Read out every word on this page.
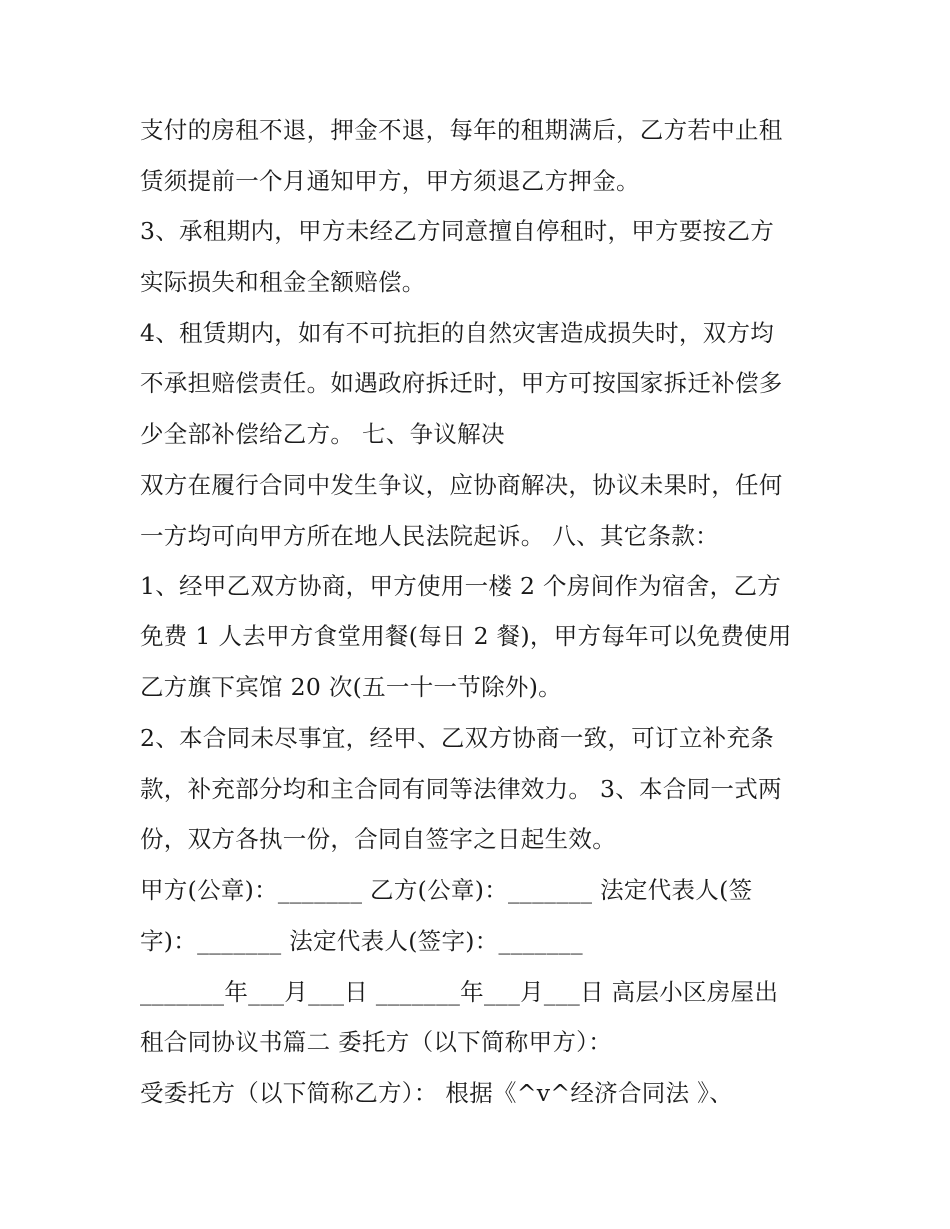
支付的房租不退，押金不退，每年的租期满后，乙方若中止租
赁须提前一个月通知甲方，甲方须退乙方押金。
3、承租期内，甲方未经乙方同意擅自停租时，甲方要按乙方
实际损失和租金全额赔偿。
4、租赁期内，如有不可抗拒的自然灾害造成损失时，双方均
不承担赔偿责任。如遇政府拆迁时，甲方可按国家拆迁补偿多
少全部补偿给乙方。 七、争议解决
双方在履行合同中发生争议，应协商解决，协议未果时，任何
一方均可向甲方所在地人民法院起诉。 八、其它条款：
1、经甲乙双方协商，甲方使用一楼 2 个房间作为宿舍，乙方
免费 1 人去甲方食堂用餐(每日 2 餐)，甲方每年可以免费使用
乙方旗下宾馆 20 次(五一十一节除外)。
2、本合同未尽事宜，经甲、乙双方协商一致，可订立补充条
款，补充部分均和主合同有同等法律效力。 3、本合同一式两
份，双方各执一份，合同自签字之日起生效。
甲方(公章)：_______ 乙方(公章)：_______ 法定代表人(签
字)：_______ 法定代表人(签字)：_______
_______年___月___日 _______年___月___日 高层小区房屋出
租合同协议书篇二 委托方（以下简称甲方）：
受委托方（以下简称乙方）： 根据《^v^经济合同法 》、
